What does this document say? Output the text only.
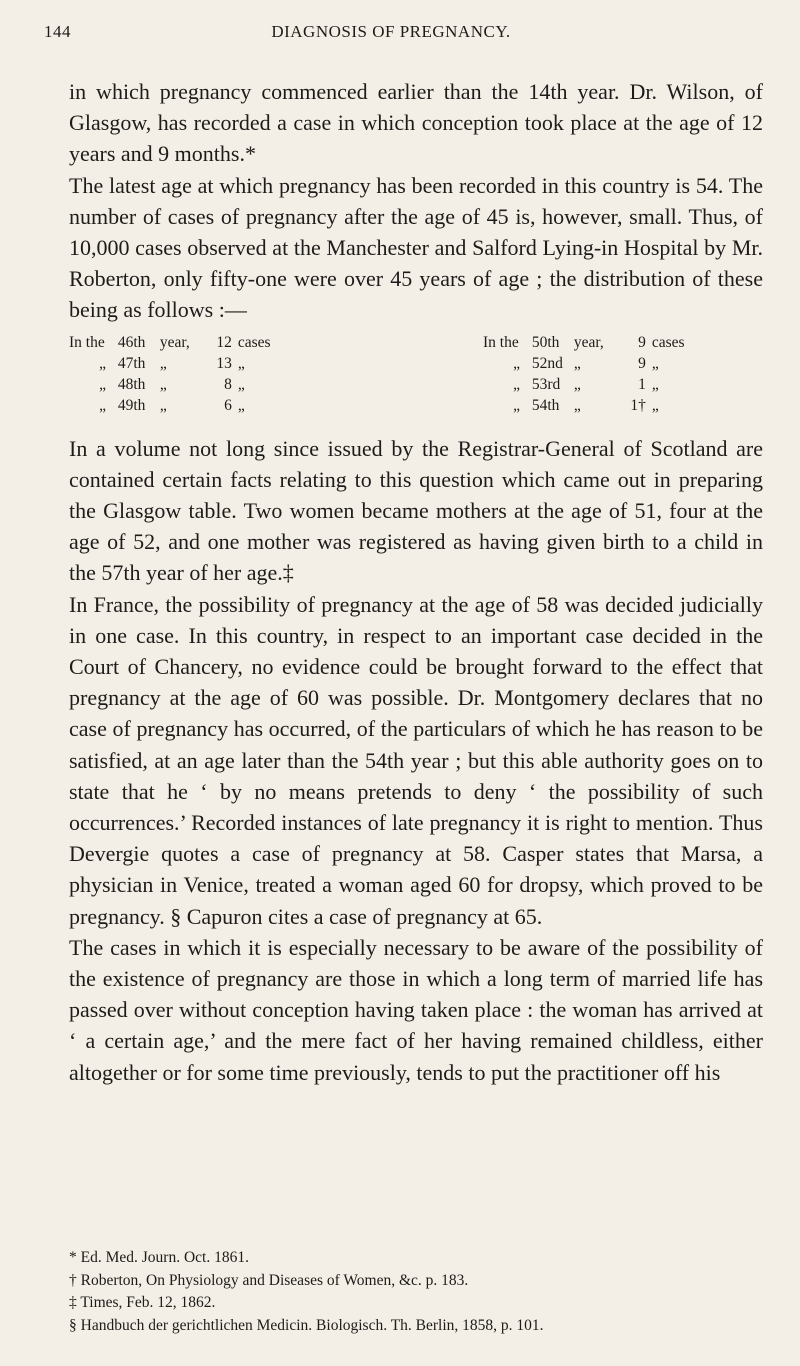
144	DIAGNOSIS OF PREGNANCY.

in which pregnancy commenced earlier than the 14th year. Dr. Wilson, of Glasgow, has recorded a case in which conception took place at the age of 12 years and 9 months.*

The latest age at which pregnancy has been recorded in this country is 54. The number of cases of pregnancy after the age of 45 is, however, small. Thus, of 10,000 cases observed at the Manchester and Salford Lying-in Hospital by Mr. Roberton, only fifty-one were over 45 years of age ; the distribution of these being as follows :—

In the 46th year, 12 cases
„ 47th „	13 „
„ 48th „	8 „
„ 49th „	6 „
In the 50th year, 9 cases
„ 52nd „	9 „
„ 53rd „	1 „
„ 54th „	1† „

In a volume not long since issued by the Registrar-General of Scotland are contained certain facts relating to this question which came out in preparing the Glasgow table. Two women became mothers at the age of 51, four at the age of 52, and one mother was registered as having given birth to a child in the 57th year of her age.‡

In France, the possibility of pregnancy at the age of 58 was decided judicially in one case. In this country, in respect to an important case decided in the Court of Chancery, no evidence could be brought forward to the effect that pregnancy at the age of 60 was possible. Dr. Montgomery declares that no case of pregnancy has occurred, of the particulars of which he has reason to be satisfied, at an age later than the 54th year ; but this able authority goes on to state that he ‘ by no means pretends to deny ‘ the possibility of such occurrences.’ Recorded instances of late pregnancy it is right to mention. Thus Devergie quotes a case of pregnancy at 58. Casper states that Marsa, a physician in Venice, treated a woman aged 60 for dropsy, which proved to be pregnancy. § Capuron cites a case of pregnancy at 65.

The cases in which it is especially necessary to be aware of the possibility of the existence of pregnancy are those in which a long term of married life has passed over without conception having taken place : the woman has arrived at ‘ a certain age,’ and the mere fact of her having remained childless, either altogether or for some time previously, tends to put the practitioner off his

* Ed. Med. Journ. Oct. 1861.
† Roberton, On Physiology and Diseases of Women, &c. p. 183.
‡ Times, Feb. 12, 1862.
§ Handbuch der gerichtlichen Medicin. Biologisch. Th. Berlin, 1858, p. 101.
